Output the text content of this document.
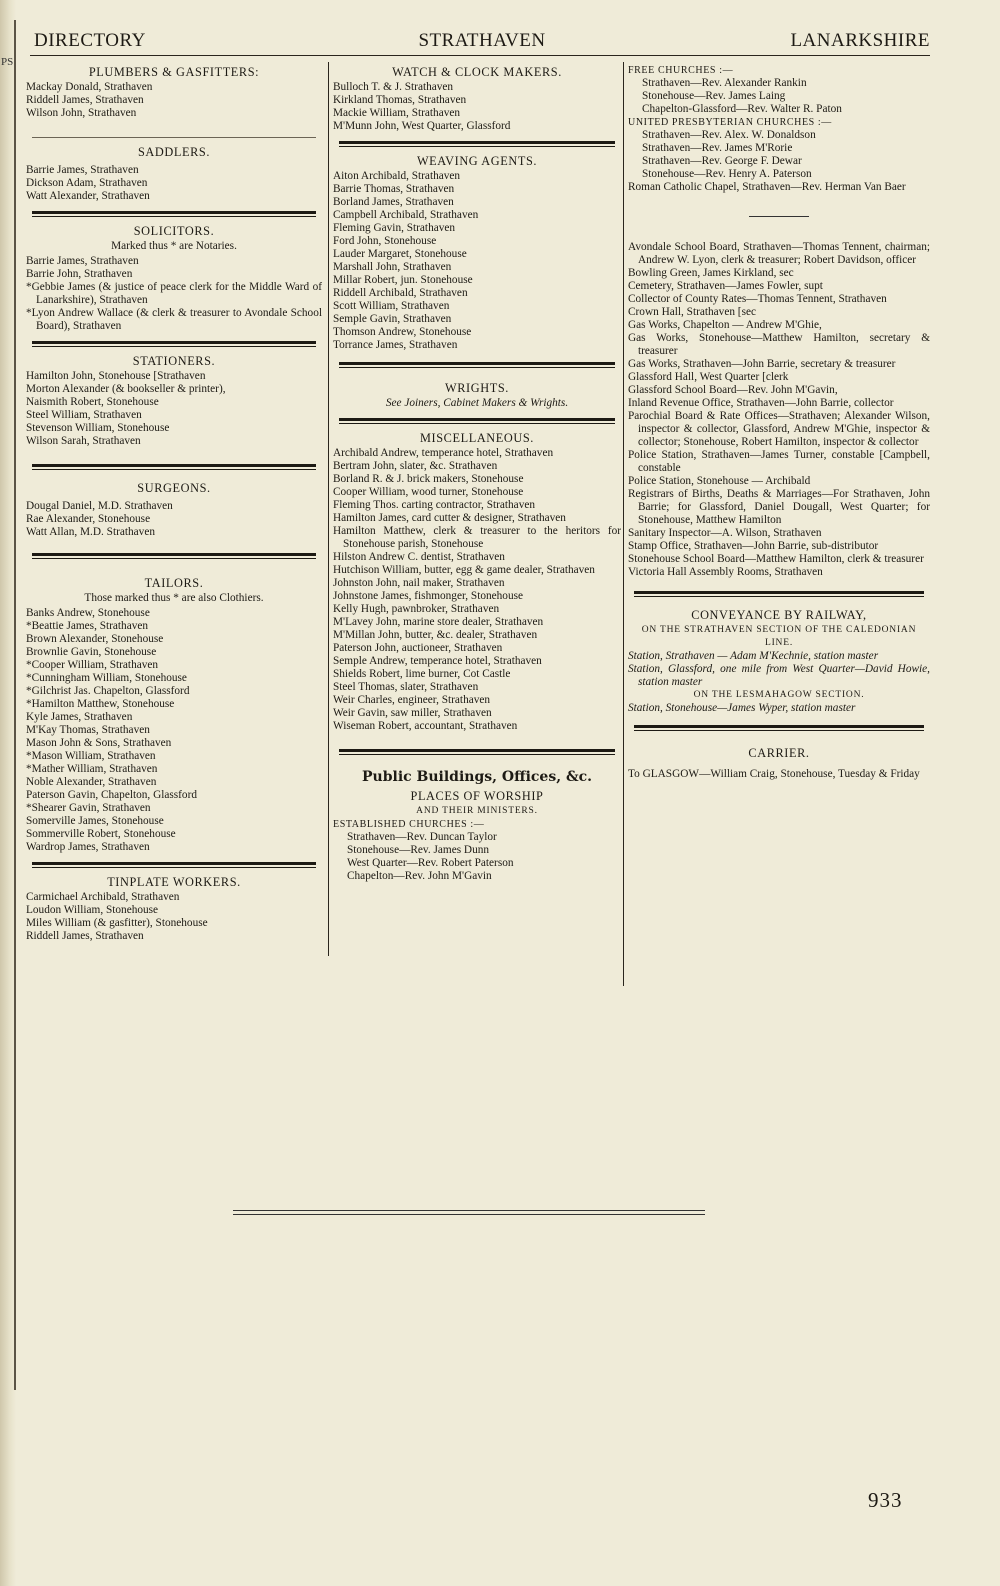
PS
DIRECTORY	STRATHAVEN	LANARKSHIRE
PLUMBERS & GASFITTERS:
Mackay Donald, Strathaven
Riddell James, Strathaven
Wilson John, Strathaven
SADDLERS.
Barrie James, Strathaven
Dickson Adam, Strathaven
Watt Alexander, Strathaven
SOLICITORS.
Marked thus * are Notaries.
Barrie James, Strathaven
Barrie John, Strathaven
*Gebbie James (& justice of peace clerk for the Middle Ward of Lanarkshire), Strathaven
*Lyon Andrew Wallace (& clerk & treasurer to Avondale School Board), Strathaven
STATIONERS.
Hamilton John, Stonehouse [Strathaven
Morton Alexander (& bookseller & printer),
Naismith Robert, Stonehouse
Steel William, Strathaven
Stevenson William, Stonehouse
Wilson Sarah, Strathaven
SURGEONS.
Dougal Daniel, M.D. Strathaven
Rae Alexander, Stonehouse
Watt Allan, M.D. Strathaven
TAILORS.
Those marked thus * are also Clothiers.
Banks Andrew, Stonehouse
*Beattie James, Strathaven
Brown Alexander, Stonehouse
Brownlie Gavin, Stonehouse
*Cooper William, Strathaven
*Cunningham William, Stonehouse
*Gilchrist Jas. Chapelton, Glassford
*Hamilton Matthew, Stonehouse
Kyle James, Strathaven
M'Kay Thomas, Strathaven
Mason John & Sons, Strathaven
*Mason William, Strathaven
*Mather William, Strathaven
Noble Alexander, Strathaven
Paterson Gavin, Chapelton, Glassford
*Shearer Gavin, Strathaven
Somerville James, Stonehouse
Sommerville Robert, Stonehouse
Wardrop James, Strathaven
TINPLATE WORKERS.
Carmichael Archibald, Strathaven
Loudon William, Stonehouse
Miles William (& gasfitter), Stonehouse
Riddell James, Strathaven
WATCH & CLOCK MAKERS.
Bulloch T. & J. Strathaven
Kirkland Thomas, Strathaven
Mackie William, Strathaven
M'Munn John, West Quarter, Glassford
WEAVING AGENTS.
Aiton Archibald, Strathaven
Barrie Thomas, Strathaven
Borland James, Strathaven
Campbell Archibald, Strathaven
Fleming Gavin, Strathaven
Ford John, Stonehouse
Lauder Margaret, Stonehouse
Marshall John, Strathaven
Millar Robert, jun. Stonehouse
Riddell Archibald, Strathaven
Scott William, Strathaven
Semple Gavin, Strathaven
Thomson Andrew, Stonehouse
Torrance James, Strathaven
WRIGHTS.
See Joiners, Cabinet Makers & Wrights.
MISCELLANEOUS.
Archibald Andrew, temperance hotel, Strathaven
Bertram John, slater, &c. Strathaven
Borland R. & J. brick makers, Stonehouse
Cooper William, wood turner, Stonehouse
Fleming Thos. carting contractor, Strathaven
Hamilton James, card cutter & designer, Strathaven
Hamilton Matthew, clerk & treasurer to the heritors for Stonehouse parish, Stonehouse
Hilston Andrew C. dentist, Strathaven
Hutchison William, butter, egg & game dealer, Strathaven
Johnston John, nail maker, Strathaven
Johnstone James, fishmonger, Stonehouse
Kelly Hugh, pawnbroker, Strathaven
M'Lavey John, marine store dealer, Strathaven
M'Millan John, butter, &c. dealer, Strathaven
Paterson John, auctioneer, Strathaven
Semple Andrew, temperance hotel, Strathaven
Shields Robert, lime burner, Cot Castle
Steel Thomas, slater, Strathaven
Weir Charles, engineer, Strathaven
Weir Gavin, saw miller, Strathaven
Wiseman Robert, accountant, Strathaven
Public Buildings, Offices, &c.
PLACES OF WORSHIP
AND THEIR MINISTERS.
ESTABLISHED CHURCHES :—
Strathaven—Rev. Duncan Taylor
Stonehouse—Rev. James Dunn
West Quarter—Rev. Robert Paterson
Chapelton—Rev. John M'Gavin
FREE CHURCHES :—
Strathaven—Rev. Alexander Rankin
Stonehouse—Rev. James Laing
Chapelton-Glassford—Rev. Walter R. Paton
UNITED PRESBYTERIAN CHURCHES :—
Strathaven—Rev. Alex. W. Donaldson
Strathaven—Rev. James M'Rorie
Strathaven—Rev. George F. Dewar
Stonehouse—Rev. Henry A. Paterson
Roman Catholic Chapel, Strathaven—Rev. Herman Van Baer
Avondale School Board, Strathaven—Thomas Tennent, chairman; Andrew W. Lyon, clerk & treasurer; Robert Davidson, officer
Bowling Green, James Kirkland, sec
Cemetery, Strathaven—James Fowler, supt
Collector of County Rates—Thomas Tennent, Strathaven
Crown Hall, Strathaven [sec
Gas Works, Chapelton — Andrew M'Ghie,
Gas Works, Stonehouse—Matthew Hamilton, secretary & treasurer
Gas Works, Strathaven—John Barrie, secretary & treasurer
Glassford Hall, West Quarter [clerk
Glassford School Board—Rev. John M'Gavin,
Inland Revenue Office, Strathaven—John Barrie, collector
Parochial Board & Rate Offices—Strathaven; Alexander Wilson, inspector & collector, Glassford, Andrew M'Ghie, inspector & collector; Stonehouse, Robert Hamilton, inspector & collector
Police Station, Strathaven—James Turner, constable [Campbell, constable
Police Station, Stonehouse — Archibald
Registrars of Births, Deaths & Marriages—For Strathaven, John Barrie; for Glassford, Daniel Dougall, West Quarter; for Stonehouse, Matthew Hamilton
Sanitary Inspector—A. Wilson, Strathaven
Stamp Office, Strathaven—John Barrie, sub-distributor
Stonehouse School Board—Matthew Hamilton, clerk & treasurer
Victoria Hall Assembly Rooms, Strathaven
CONVEYANCE BY RAILWAY,
ON THE STRATHAVEN SECTION OF THE CALEDONIAN LINE.
Station, Strathaven — Adam M'Kechnie, station master
Station, Glassford, one mile from West Quarter—David Howie, station master
ON THE LESMAHAGOW SECTION.
Station, Stonehouse—James Wyper, station master
CARRIER.
To GLASGOW—William Craig, Stonehouse, Tuesday & Friday
933
